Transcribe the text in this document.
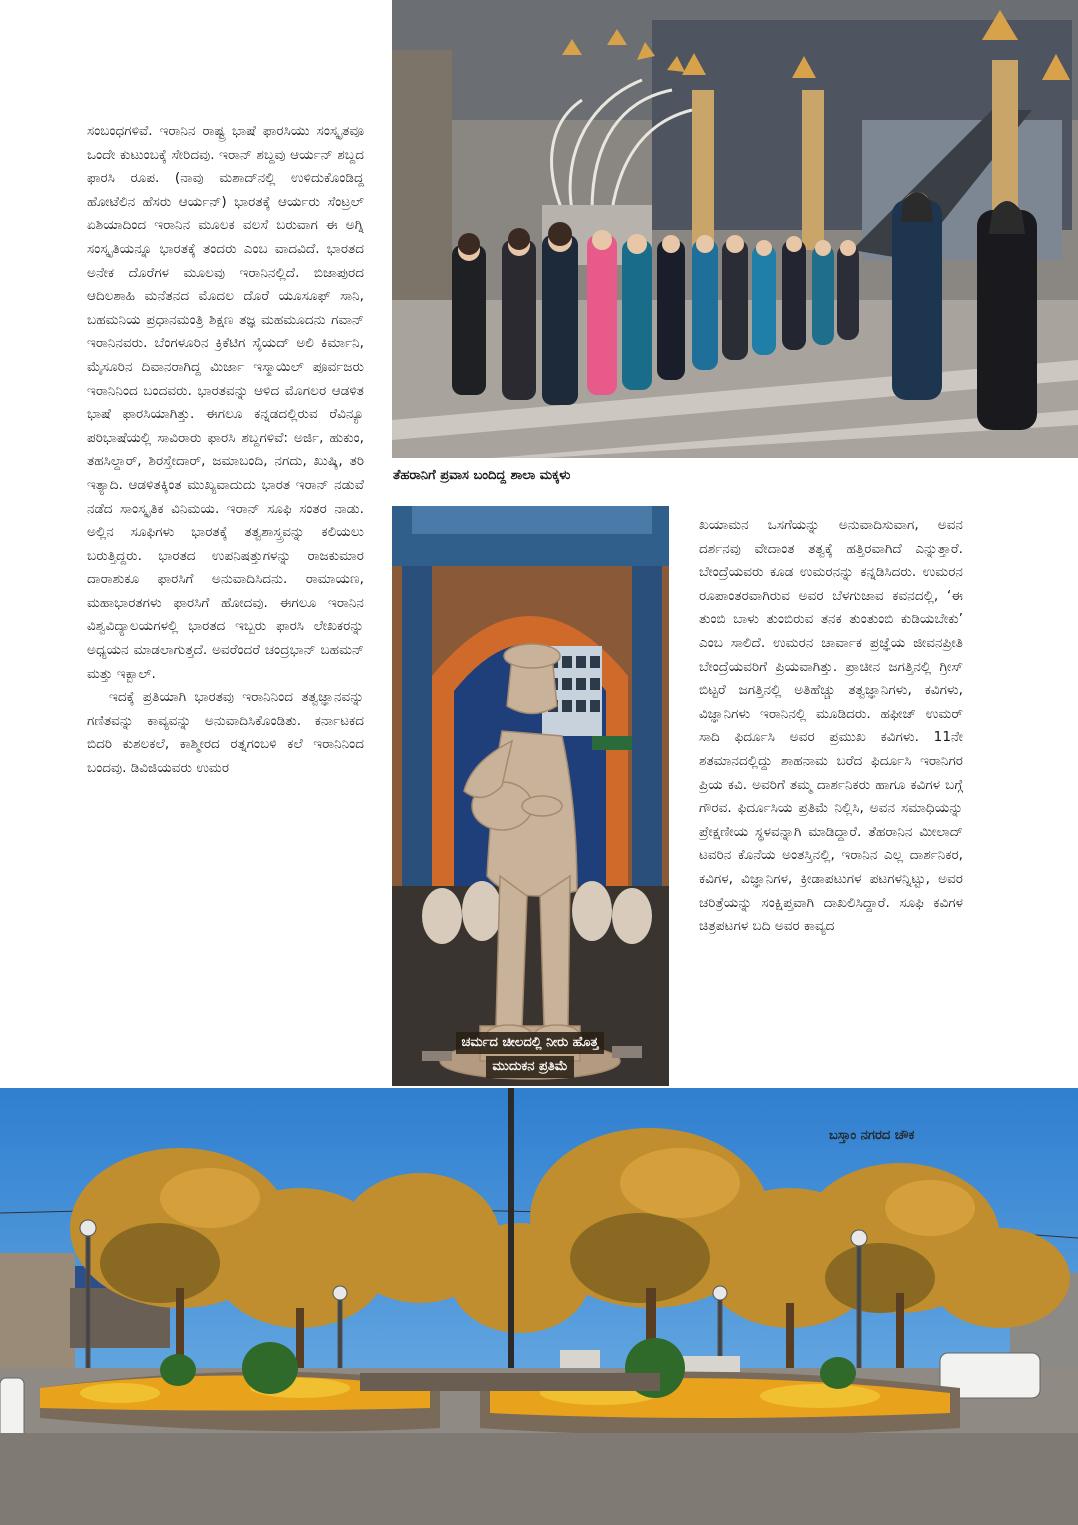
ಸಂಬಂಧಗಳಿವೆ. ಇರಾನಿನ ರಾಷ್ಟ್ರ ಭಾಷೆ ಫಾರಸಿಯು ಸಂಸ್ಕೃತವೂ ಒಂದೇ ಕುಟುಂಬಕ್ಕೆ ಸೇರಿದವು. ಇರಾನ್ ಶಬ್ದವು ಆರ್ಯನ್ ಶಬ್ದದ ಫಾರಸಿ ರೂಪ. (ನಾವು ಮಶಾದ್‌ನಲ್ಲಿ ಉಳಿದುಕೊಂಡಿದ್ದ ಹೋಟೆಲಿನ ಹೆಸರು ಆರ್ಯನ್) ಭಾರತಕ್ಕೆ ಆರ್ಯರು ಸೆಂಟ್ರಲ್ ಏಶಿಯಾದಿಂದ ಇರಾನಿನ ಮೂಲಕ ವಲಸೆ ಬರುವಾಗ ಈ ಅಗ್ನಿ ಸಂಸ್ಕೃತಿಯನ್ನೂ ಭಾರತಕ್ಕೆ ತಂದರು ಎಂಬ ವಾದವಿದೆ. ಭಾರತದ ಅನೇಕ ದೊರೆಗಳ ಮೂಲವು ಇರಾನಿನಲ್ಲಿದೆ. ಬಿಜಾಪುರದ ಆದಿಲಶಾಹಿ ಮನೆತನದ ಮೊದಲ ದೊರೆ ಯೂಸೂಫ್ ಸಾನಿ, ಬಹಮನಿಯ ಪ್ರಧಾನಮಂತ್ರಿ ಶಿಕ್ಷಣ ತಜ್ಞ ಮಹಮೂದನು ಗವಾನ್ ಇರಾನಿನವರು. ಬೆಂಗಳೂರಿನ ಕ್ರಿಕೆಟಿಗ ಸೈಯದ್ ಅಲಿ ಕಿರ್ಮಾನಿ, ಮೈಸೂರಿನ ದಿವಾನರಾಗಿದ್ದ ಮಿರ್ಜಾ ಇಸ್ಮಾಯಿಲ್ ಪೂರ್ವಜರು ಇರಾನಿನಿಂದ ಬಂದವರು. ಭಾರತವನ್ನು ಆಳಿದ ಮೊಗಲರ ಆಡಳಿತ ಭಾಷೆ ಫಾರಸಿಯಾಗಿತ್ತು. ಈಗಲೂ ಕನ್ನಡದಲ್ಲಿರುವ ರೆವಿನ್ಯೂ ಪರಿಭಾಷೆಯಲ್ಲಿ ಸಾವಿರಾರು ಫಾರಸಿ ಶಬ್ದಗಳಿವೆ: ಅರ್ಜಿ, ಹುಕುಂ, ತಹಸಿಲ್ದಾರ್, ಶಿರಸ್ತೇದಾರ್, ಜಮಾಬಂದಿ, ನಗದು, ಖುಷ್ಕಿ, ತರಿ ಇತ್ಯಾದಿ. ಆಡಳಿತಕ್ಕಿಂತ ಮುಖ್ಯವಾದುದು ಭಾರತ ಇರಾನ್ ನಡುವೆ ನಡೆದ ಸಾಂಸ್ಕೃತಿಕ ವಿನಿಮಯ. ಇರಾನ್ ಸೂಫಿ ಸಂತರ ನಾಡು. ಅಲ್ಲಿನ ಸೂಫಿಗಳು ಭಾರತಕ್ಕೆ ತತ್ವಶಾಸ್ತ್ರವನ್ನು ಕಲಿಯಲು ಬರುತ್ತಿದ್ದರು. ಭಾರತದ ಉಪನಿಷತ್ತುಗಳನ್ನು ರಾಜಕುಮಾರ ದಾರಾಶುಕೂ ಫಾರಸಿಗೆ ಅನುವಾದಿಸಿದನು. ರಾಮಾಯಣ, ಮಹಾಭಾರತಗಳು ಫಾರಸಿಗೆ ಹೋದವು. ಈಗಲೂ ಇರಾನಿನ ವಿಶ್ವವಿದ್ಯಾಲಯಗಳಲ್ಲಿ ಭಾರತದ ಇಬ್ಬರು ಫಾರಸಿ ಲೇಖಕರನ್ನು ಅಧ್ಯಯನ ಮಾಡಲಾಗುತ್ತದೆ. ಅವರೆಂದರೆ ಚಂದ್ರಭಾನ್ ಬಹಮನ್ ಮತ್ತು ಇಕ್ಬಾಲ್.

ಇದಕ್ಕೆ ಪ್ರತಿಯಾಗಿ ಭಾರತವು ಇರಾನಿನಿಂದ ತತ್ವಜ್ಞಾನವನ್ನು ಗಣಿತವನ್ನು ಕಾವ್ಯವನ್ನು ಅನುವಾದಿಸಿಕೊಂಡಿತು. ಕರ್ನಾಟಕದ ಬಿದರಿ ಕುಶಲಕಲೆ, ಕಾಶ್ಮೀರದ ರತ್ನಗಂಬಳಿ ಕಲೆ ಇರಾನಿನಿಂದ ಬಂದವು. ಡಿವಿಜಿಯವರು ಉಮರ

ತೆಹರಾನಿಗೆ ಪ್ರವಾಸ ಬಂದಿದ್ದ ಶಾಲಾ ಮಕ್ಕಳು
ಚರ್ಮದ ಚೀಲದಲ್ಲಿ ನೀರು ಹೊತ್ತ
ಮುದುಕನ ಪ್ರತಿಮೆ

ಖಯಾಮನ ಒಸಗೆಯನ್ನು ಅನುವಾದಿಸುವಾಗ, ಅವನ ದರ್ಶನವು ವೇದಾಂತ ತತ್ವಕ್ಕೆ ಹತ್ತಿರವಾಗಿದೆ ಎನ್ನುತ್ತಾರೆ. ಬೇಂದ್ರೆಯವರು ಕೂಡ ಉಮರನನ್ನು ಕನ್ನಡಿಸಿದರು. ಉಮರನ ರೂಪಾಂತರವಾಗಿರುವ ಅವರ ಬೆಳಗುಜಾವ ಕವನದಲ್ಲಿ, ‘ಈ ತುಂಬಿ ಬಾಳು ತುಂಬಿರುವ ತನಕ ತುಂತುಂಬಿ ಕುಡಿಯಬೇಕು’ ಎಂಬ ಸಾಲಿದೆ. ಉಮರನ ಚಾರ್ವಾಕ ಪ್ರಜ್ಞೆಯ ಜೀವನಪ್ರೀತಿ ಬೇಂದ್ರೆಯವರಿಗೆ ಪ್ರಿಯವಾಗಿತ್ತು. ಪ್ರಾಚೀನ ಜಗತ್ತಿನಲ್ಲಿ ಗ್ರೀಸ್ ಬಿಟ್ಟರೆ ಜಗತ್ತಿನಲ್ಲಿ ಅತಿಹೆಚ್ಚು ತತ್ವಜ್ಞಾನಿಗಳು, ಕವಿಗಳು, ವಿಜ್ಞಾನಿಗಳು ಇರಾನಿನಲ್ಲಿ ಮೂಡಿದರು. ಹಫೀಜ್ ಉಮರ್ ಸಾದಿ ಫಿರ್ದೂಸಿ ಅವರ ಪ್ರಮುಖ ಕವಿಗಳು. 11ನೇ ಶತಮಾನದಲ್ಲಿದ್ದು ಶಾಹನಾಮ ಬರೆದ ಫಿರ್ದೂಸಿ ಇರಾನಿಗರ ಪ್ರಿಯ ಕವಿ. ಅವರಿಗೆ ತಮ್ಮ ದಾರ್ಶನಿಕರು ಹಾಗೂ ಕವಿಗಳ ಬಗ್ಗೆ ಗೌರವ. ಫಿರ್ದೂಸಿಯ ಪ್ರತಿಮೆ ನಿಲ್ಲಿಸಿ, ಅವನ ಸಮಾಧಿಯನ್ನು ಪ್ರೇಕ್ಷಣೀಯ ಸ್ಥಳವನ್ನಾಗಿ ಮಾಡಿದ್ದಾರೆ. ತೆಹರಾನಿನ ಮೀಲಾದ್ ಟವರಿನ ಕೊನೆಯ ಅಂತಸ್ತಿನಲ್ಲಿ, ಇರಾನಿನ ಎಲ್ಲ ದಾರ್ಶನಿಕರ, ಕವಿಗಳ, ವಿಜ್ಞಾನಿಗಳ, ಕ್ರೀಡಾಪಟುಗಳ ಪಟಗಳನ್ನಿಟ್ಟು, ಅವರ ಚರಿತ್ರೆಯನ್ನು ಸಂಕ್ಷಿಪ್ತವಾಗಿ ದಾಖಲಿಸಿದ್ದಾರೆ. ಸೂಫಿ ಕವಿಗಳ ಚಿತ್ರಪಟಗಳ ಬದಿ ಅವರ ಕಾವ್ಯದ

ಬಸ್ತಾಂ ನಗರದ ಚೌಕ
